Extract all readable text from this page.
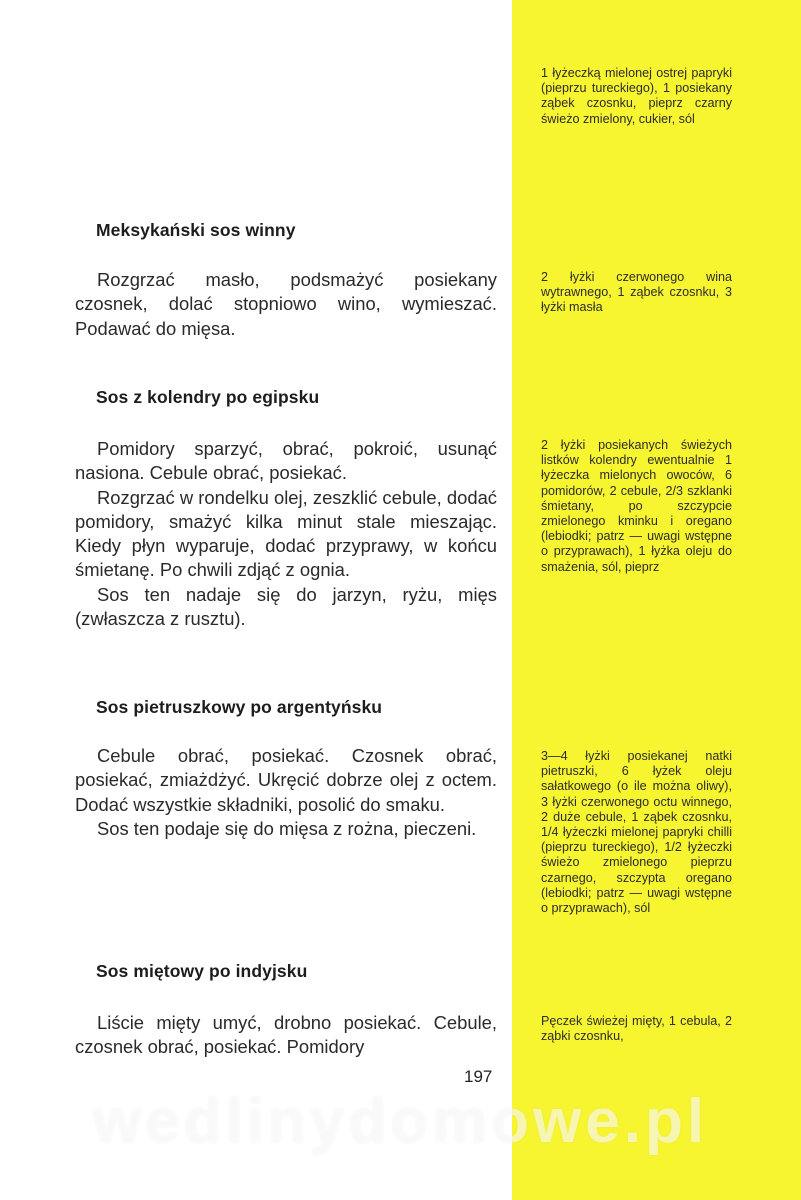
1 łyżeczką mielonej ostrej papryki (pieprzu tureckiego), 1 posiekany ząbek czosnku, pieprz czarny świeżo zmielony, cukier, sól
Meksykański sos winny

Rozgrzać masło, podsmażyć posiekany czosnek, dolać stopniowo wino, wymieszać. Podawać do mięsa.

2 łyżki czerwonego wina wytrawnego, 1 ząbek czosnku, 3 łyżki masła
Sos z kolendry po egipsku

Pomidory sparzyć, obrać, pokroić, usunąć nasiona. Cebule obrać, posiekać.

Rozgrzać w rondelku olej, zeszklić cebule, dodać pomidory, smażyć kilka minut stale mieszając. Kiedy płyn wyparuje, dodać przyprawy, w końcu śmietanę. Po chwili zdjąć z ognia.

Sos ten nadaje się do jarzyn, ryżu, mięs (zwłaszcza z rusztu).

2 łyżki posiekanych świeżych listków kolendry ewentualnie 1 łyżeczka mielonych owoców, 6 pomidorów, 2 cebule, 2/3 szklanki śmietany, po szczypcie zmielonego kminku i oregano (lebiodki; patrz — uwagi wstępne o przyprawach), 1 łyżka oleju do smażenia, sól, pieprz
Sos pietruszkowy po argentyńsku

Cebule obrać, posiekać. Czosnek obrać, posiekać, zmiażdżyć. Ukręcić dobrze olej z octem. Dodać wszystkie składniki, posolić do smaku.

Sos ten podaje się do mięsa z rożna, pieczeni.

3—4 łyżki posiekanej natki pietruszki, 6 łyżek oleju sałatkowego (o ile można oliwy), 3 łyżki czerwonego octu winnego, 2 duże cebule, 1 ząbek czosnku, 1/4 łyżeczki mielonej papryki chilli (pieprzu tureckiego), 1/2 łyżeczki świeżo zmielonego pieprzu czarnego, szczypta oregano (lebiodki; patrz — uwagi wstępne o przyprawach), sól
Sos miętowy po indyjsku

Liście mięty umyć, drobno posiekać. Cebule, czosnek obrać, posiekać. Pomidory

Pęczek świeżej mięty, 1 cebula, 2 ząbki czosnku,
197
wedlinydomowe.pl
